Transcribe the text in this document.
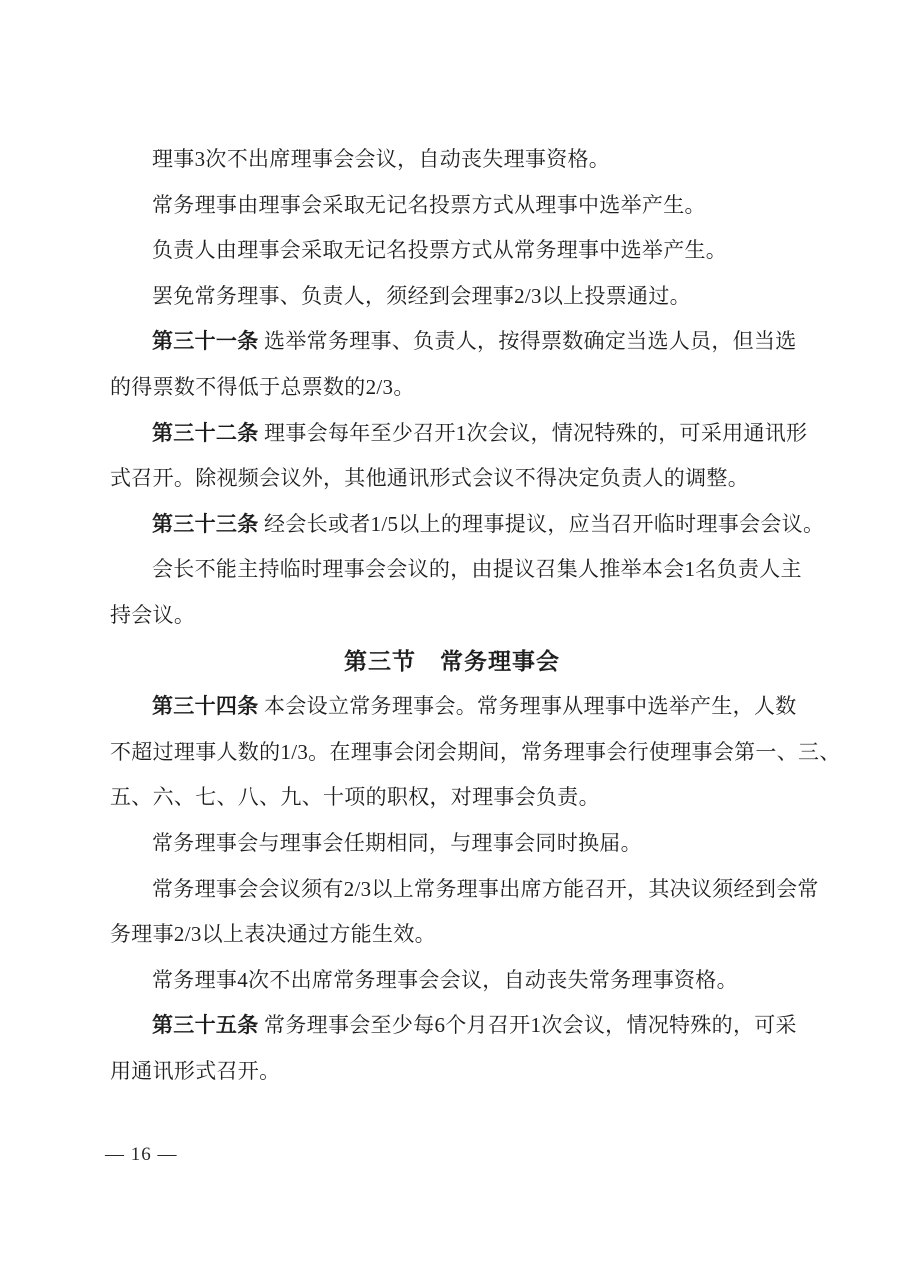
理事3次不出席理事会会议，自动丧失理事资格。
常务理事由理事会采取无记名投票方式从理事中选举产生。
负责人由理事会采取无记名投票方式从常务理事中选举产生。
罢免常务理事、负责人，须经到会理事2/3以上投票通过。
第三十一条 选举常务理事、负责人，按得票数确定当选人员，但当选
的得票数不得低于总票数的2/3。
第三十二条 理事会每年至少召开1次会议，情况特殊的，可采用通讯形
式召开。除视频会议外，其他通讯形式会议不得决定负责人的调整。
第三十三条 经会长或者1/5以上的理事提议，应当召开临时理事会会议。
会长不能主持临时理事会会议的，由提议召集人推举本会1名负责人主
持会议。
第三节　常务理事会
第三十四条 本会设立常务理事会。常务理事从理事中选举产生，人数
不超过理事人数的1/3。在理事会闭会期间，常务理事会行使理事会第一、三、
五、六、七、八、九、十项的职权，对理事会负责。
常务理事会与理事会任期相同，与理事会同时换届。
常务理事会会议须有2/3以上常务理事出席方能召开，其决议须经到会常
务理事2/3以上表决通过方能生效。
常务理事4次不出席常务理事会会议，自动丧失常务理事资格。
第三十五条 常务理事会至少每6个月召开1次会议，情况特殊的，可采
用通讯形式召开。
— 16 —
